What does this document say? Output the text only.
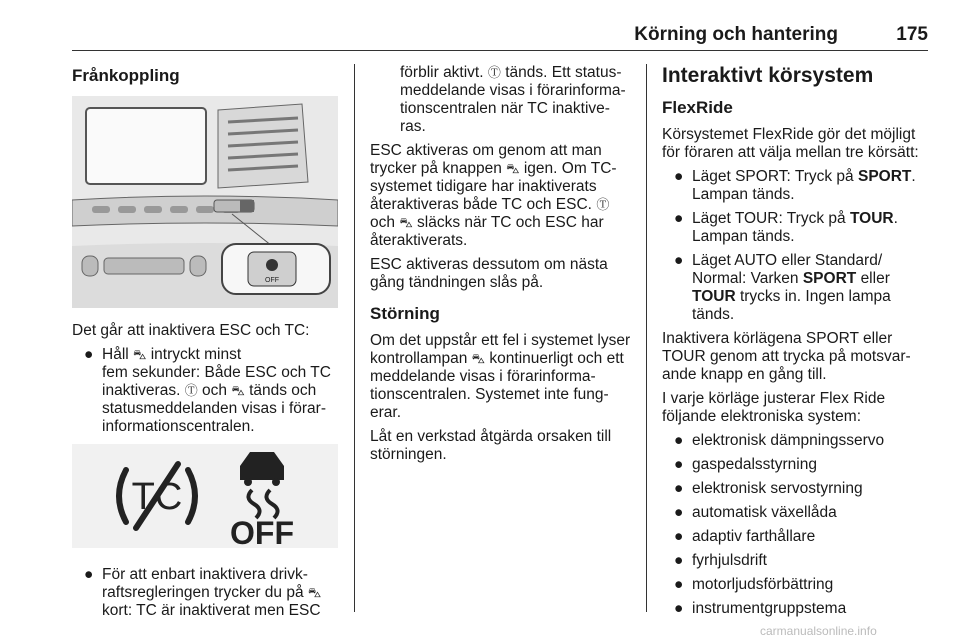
Körning och hantering	175
Frånkoppling
OFF

Det går att inaktivera ESC och TC:

● Håll ⛍ intryckt minst
fem sekunder: Både ESC och TC inaktiveras. Ⓣ och ⛍ tänds och statusmeddelanden visas i förar-informationscentralen.
TC
OFF
● För att enbart inaktivera drivk-raftsregleringen trycker du på ⛍ kort: TC är inaktiverat men ESC
förblir aktivt. Ⓣ tänds. Ett status-meddelande visas i förarinforma-tionscentralen när TC inaktive-ras.

ESC aktiveras om genom att man trycker på knappen ⛍ igen. Om TC-systemet tidigare har inaktiverats återaktiveras både TC och ESC. Ⓣ och ⛍ släcks när TC och ESC har återaktiverats.

ESC aktiveras dessutom om nästa gång tändningen slås på.

Störning

Om det uppstår ett fel i systemet lyser kontrollampan ⛍ kontinuerligt och ett meddelande visas i förarinforma-tionscentralen. Systemet inte fung-erar.

Låt en verkstad åtgärda orsaken till störningen.

Interaktivt körsystem
FlexRide

Körsystemet FlexRide gör det möjligt för föraren att välja mellan tre körsätt:

● Läget SPORT: Tryck på SPORT. Lampan tänds.
● Läget TOUR: Tryck på TOUR. Lampan tänds.
● Läget AUTO eller Standard/ Normal: Varken SPORT eller TOUR trycks in. Ingen lampa tänds.

Inaktivera körlägena SPORT eller TOUR genom att trycka på motsvar-ande knapp en gång till.

I varje körläge justerar Flex Ride följande elektroniska system:

● elektronisk dämpningsservo
● gaspedalsstyrning
● elektronisk servostyrning
● automatisk växellåda
● adaptiv farthållare
● fyrhjulsdrift
● motorljudsförbättring
● instrumentgruppstema
carmanualsonline.info
